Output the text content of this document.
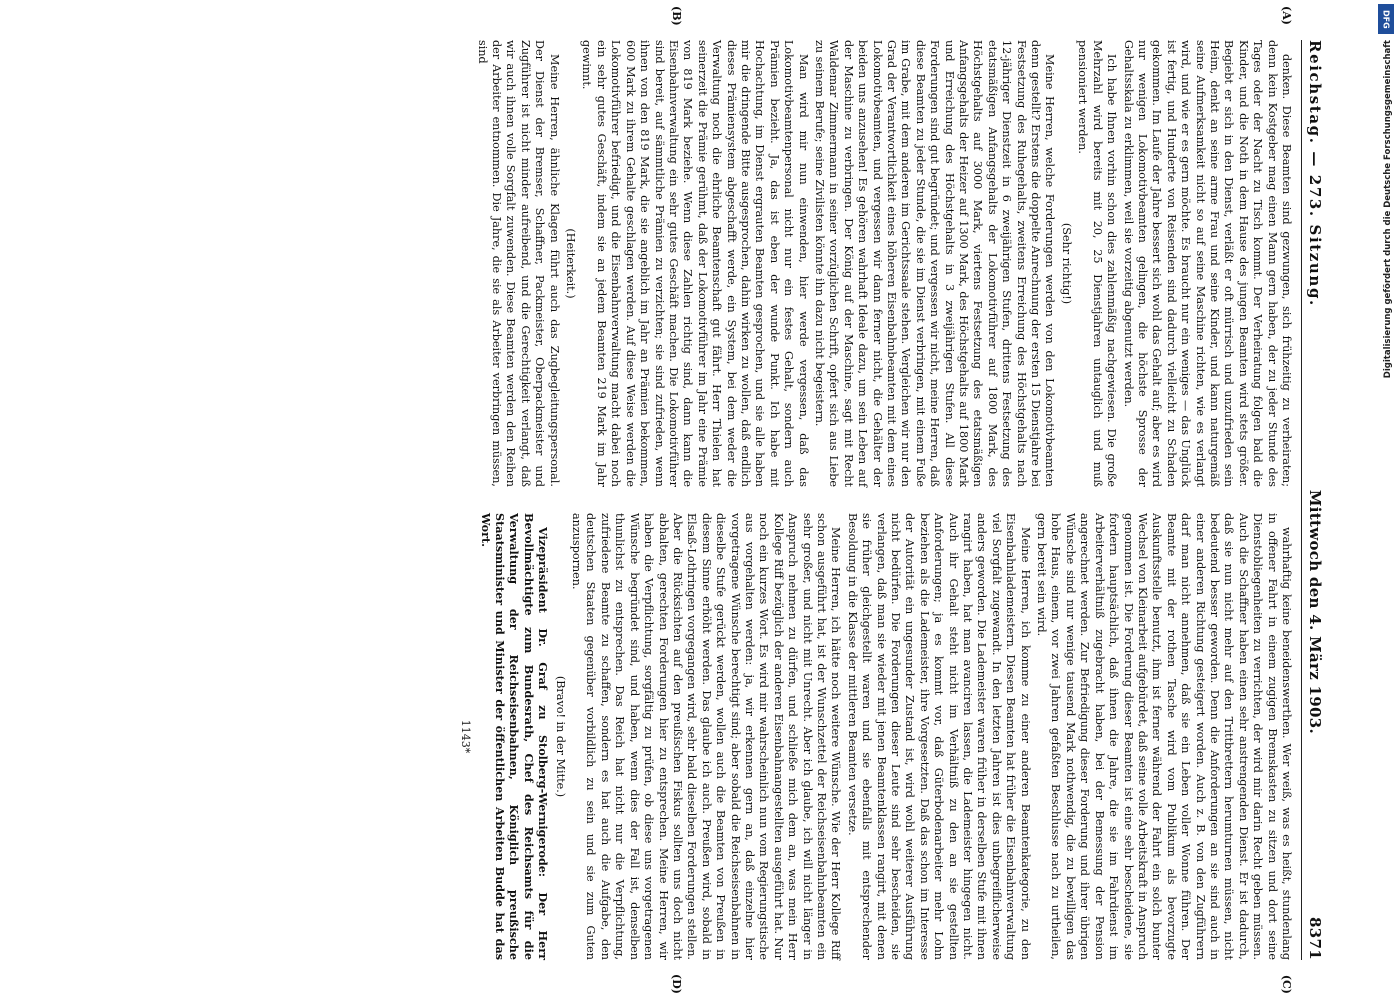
Reichstag. — 273. Sitzung.
Mittwoch den 4. März 1903.
8371
(A)
(B)

denken. Diese Beamten sind gezwungen, sich frühzeitig zu verheiraten; denn kein Kostgeber mag einen Mann gern haben, der zu jeder Stunde des Tages oder der Nacht zu Tisch kommt. Der Verheiratung folgen bald die Kinder, und die Noth in dem Hause des jungen Beamten wird stets größer. Begiebt er sich in den Dienst, verläßt er oft mürrisch und unzufrieden sein Heim, denkt an seine arme Frau und seine Kinder, und kann naturgemäß seine Aufmerksamkeit nicht so auf seine Maschine richten, wie es verlangt wird, und wie er es gern möchte. Es braucht nur ein weniges — das Unglück ist fertig, und Hunderte von Reisenden sind dadurch vielleicht zu Schaden gekommen. Im Laufe der Jahre bessert sich wohl das Gehalt auf; aber es wird nur wenigen Lokomotivbeamten gelingen, die höchste Sprosse der Gehaltsskala zu erklimmen, weil sie vorzeitig abgenutzt werden.

Ich habe Ihnen vorhin schon dies zahlenmäßig nachgewiesen. Die große Mehrzahl wird bereits mit 20, 25 Dienstjahren untauglich und muß pensioniert werden.

(Sehr richtig!)

Meine Herren, welche Forderungen werden von den Lokomotivbeamten denn gestellt? Erstens die doppelte Anrechnung der ersten 15 Dienstjahre bei Festsetzung des Ruhegehalts, zweitens Erreichung des Höchstgehalts nach 12-jähriger Dienstzeit in 6 zweijährigen Stufen, drittens Festsetzung des etatsmäßigen Anfangsgehalts der Lokomotivführer auf 1800 Mark, des Höchstgehalts auf 3000 Mark, viertens Festsetzung des etatsmäßigen Anfangsgehalts der Heizer auf 1300 Mark, des Höchstgehalts auf 1800 Mark und Erreichung des Höchstgehalts in 3 zweijährigen Stufen. All diese Forderungen sind gut begründet; und vergessen wir nicht, meine Herren, daß diese Beamten zu jeder Stunde, die sie im Dienst verbringen, mit einem Fuße im Grabe, mit dem anderen im Gerichtssaale stehen. Vergleichen wir nur den Grad der Verantwortlichkeit eines höheren Eisenbahnbeamten mit dem eines Lokomotivbeamten, und vergessen wir dann ferner nicht, die Gehälter der beiden uns anzusehen! Es gehören wahrhaft Ideale dazu, um sein Leben auf der Maschine zu verbringen. Der König auf der Maschine, sagt mit Recht Waldemar Zimmermann in seiner vorzüglichen Schrift, opfert sich aus Liebe zu seinem Berufe; seine Zivilisten könnte ihn dazu nicht begeistern.

Man wird mir nun einwenden, hier werde vergessen, daß das Lokomotivbeamtenpersonal nicht nur ein festes Gehalt, sondern auch Prämien bezieht. Ja, das ist eben der wunde Punkt. Ich habe mit Hochachtung, im Dienst ergrauten Beamten gesprochen, und sie alle haben mir die dringende Bitte ausgesprochen, dahin wirken zu wollen, daß endlich dieses Prämiensystem abgeschafft werde, ein System, bei dem weder die Verwaltung noch die ehrliche Beamtenschaft gut fährt. Herr Thielen hat seinerzeit die Prämie gerühmt, daß der Lokomotivführer im Jahr eine Prämie von 819 Mark beziehe. Wenn diese Zahlen richtig sind, dann kann die Eisenbahnverwaltung ein sehr gutes Geschäft machen. Die Lokomotivführer sind bereit, auf sämmtliche Prämien zu verzichten; sie sind zufrieden, wenn ihnen von den 819 Mark, die sie angeblich im Jahr an Prämien bekommen, 600 Mark zu ihrem Gehalte geschlagen werden. Auf diese Weise werden die Lokomotivführer befriedigt, und die Eisenbahnverwaltung macht dabei noch ein sehr gutes Geschäft, indem sie an jedem Beamten 219 Mark im Jahr gewinnt.

(Heiterkeit.)

Meine Herren, ähnliche Klagen führt auch das Zugbegleitungspersonal. Der Dienst der Bremser, Schaffner, Packmeister, Oberpackmeister und Zugführer ist nicht minder aufreibend, und die Gerechtigkeit verlangt, daß wir auch ihnen volle Sorgfalt zuwenden. Diese Beamten werden den Reihen der Arbeiter entnommen. Die Jahre, die sie als Arbeiter verbringen müssen, sind

(C)
(D)

wahrhaftig keine beneidenswerthen. Wer weiß, was es heißt, stundenlang in offener Fahrt in einem zugigen Bremskasten zu sitzen und dort seine Dienstobliegenheiten zu verrichten, der wird mir darin Recht geben müssen. Auch die Schaffner haben einen sehr anstrengenden Dienst. Er ist dadurch, daß sie nun nicht mehr auf den Trittbrettern herumturnen müssen, nicht bedeutend besser geworden. Denn die Anforderungen an sie sind auch in einer anderen Richtung gesteigert worden. Auch z. B. von den Zugführern darf man nicht annehmen, daß sie ein Leben voller Wonne führen. Der Beamte mit der rothen Tasche wird vom Publikum als bevorzugte Auskunftsstelle benutzt, ihm ist ferner während der Fahrt ein solch bunter Wechsel von Kleinarbeit aufgebürdet, daß seine volle Arbeitskraft in Anspruch genommen ist. Die Forderung dieser Beamten ist eine sehr bescheidene, sie fordern hauptsächlich, daß ihnen die Jahre, die sie im Fahrdienst im Arbeiterverhältniß zugebracht haben, bei der Bemessung der Pension angerechnet werden. Zur Befriedigung dieser Forderung und ihrer übrigen Wünsche sind nur wenige tausend Mark nothwendig, die zu bewilligen das hohe Haus, einem, vor zwei Jahren gefaßten Beschlusse nach zu urtheilen, gern bereit sein wird.

Meine Herren, ich komme zu einer anderen Beamtenkategorie, zu den Eisenbahnlademeistern. Diesen Beamten hat früher die Eisenbahnverwaltung viel Sorgfalt zugewandt. In den letzten Jahren ist dies unbegreiflicherweise anders geworden. Die Lademeister waren früher in derselben Stufe mit ihnen rangirt haben, hat man avanciren lassen, die Lademeister hingegen nicht. Auch ihr Gehalt steht nicht im Verhältniß zu den an sie gestellten Anforderungen; ja es kommt vor, daß Güterbodenarbeiter mehr Lohn beziehen als die Lademeister, ihre Vorgesetzten. Daß das schon im Interesse der Autorität ein ungesunder Zustand ist, wird wohl weiterer Ausführung nicht bedürfen. Die Forderungen dieser Leute sind sehr bescheiden, sie verlangen, daß man sie wieder mit jenen Beamtenklassen rangirt, mit denen sie früher gleichgestellt waren und sie ebenfalls mit entsprechender Besoldung in die Klasse der mittleren Beamten versetze.

Meine Herren, ich hätte noch weitere Wünsche. Wie der Herr Kollege Riff schon ausgeführt hat, ist der Wunschzettel der Reichseisenbahnbeamten ein sehr großer, und nicht mit Unrecht. Aber ich glaube, ich will nicht länger in Anspruch nehmen zu dürfen, und schließe mich dem an, was mein Herr Kollege Riff bezüglich der anderen Eisenbahnangestellten ausgeführt hat. Nur noch ein kurzes Wort. Es wird mir wahrscheinlich nun vom Regierungstische aus vorgehalten werden: ja, wir erkennen gern an, daß einzelne hier vorgetragene Wünsche berechtigt sind; aber sobald die Reichseisenbahnen in dieselbe Stufe gerückt werden, wollen auch die Beamten von Preußen in diesem Sinne erhöht werden. Das glaube ich auch. Preußen wird, sobald in Elsaß-Lothringen vorgegangen wird, sehr bald dieselben Forderungen stellen. Aber die Rücksichten auf den preußischen Fiskus sollten uns doch nicht abhalten, gerechten Forderungen hier zu entsprechen. Meine Herren, wir haben die Verpflichtung, sorgfältig zu prüfen, ob diese uns vorgetragenen Wünsche begründet sind, und haben, wenn dies der Fall ist, denselben thunlichst zu entsprechen. Das Reich hat nicht nur die Verpflichtung, zufriedene Beamte zu schaffen, sondern es hat auch die Aufgabe, den deutschen Staaten gegenüber vorbildlich zu sein und sie zum Guten anzuspornen.

(Bravo! in der Mitte.)

Vizepräsident Dr. Graf zu Stolberg-Wernigerode: Der Herr Bevollmächtigte zum Bundesrath, Chef des Reichsamts für die Verwaltung der Reichseisenbahnen, Königlich preußische Staatsminister und Minister der öffentlichen Arbeiten Budde hat das Wort.

1143*
DFG
Digitalisierung gefördert durch die Deutsche Forschungsgemeinschaft
